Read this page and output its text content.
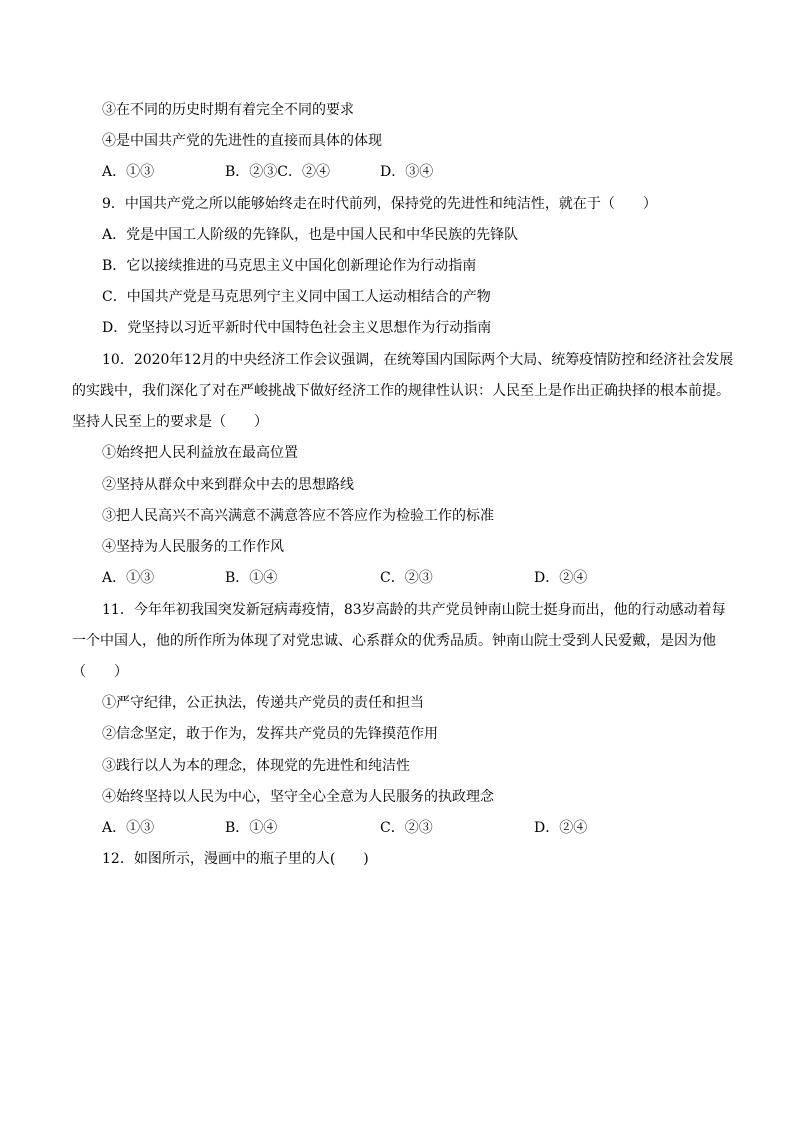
③在不同的历史时期有着完全不同的要求
④是中国共产党的先进性的直接而具体的体现
A．①③	B．②③C．②④	D．③④
9．中国共产党之所以能够始终走在时代前列，保持党的先进性和纯洁性，就在于（　　）
A．党是中国工人阶级的先锋队，也是中国人民和中华民族的先锋队
B．它以接续推进的马克思主义中国化创新理论作为行动指南
C．中国共产党是马克思列宁主义同中国工人运动相结合的产物
D．党坚持以习近平新时代中国特色社会主义思想作为行动指南
10．2020年12月的中央经济工作会议强调，在统筹国内国际两个大局、统筹疫情防控和经济社会发展
的实践中，我们深化了对在严峻挑战下做好经济工作的规律性认识：人民至上是作出正确抉择的根本前提。
坚持人民至上的要求是（　　）
①始终把人民利益放在最高位置
②坚持从群众中来到群众中去的思想路线
③把人民高兴不高兴满意不满意答应不答应作为检验工作的标准
④坚持为人民服务的工作作风
A．①③	B．①④	C．②③	D．②④
11．今年年初我国突发新冠病毒疫情，83岁高龄的共产党员钟南山院士挺身而出，他的行动感动着每
一个中国人，他的所作所为体现了对党忠诚、心系群众的优秀品质。钟南山院士受到人民爱戴，是因为他
（　　）
①严守纪律，公正执法，传递共产党员的责任和担当
②信念坚定，敢于作为，发挥共产党员的先锋摸范作用
③践行以人为本的理念，体现党的先进性和纯洁性
④始终坚持以人民为中心，坚守全心全意为人民服务的执政理念
A．①③	B．①④	C．②③	D．②④
12．如图所示，漫画中的瓶子里的人(　　)
